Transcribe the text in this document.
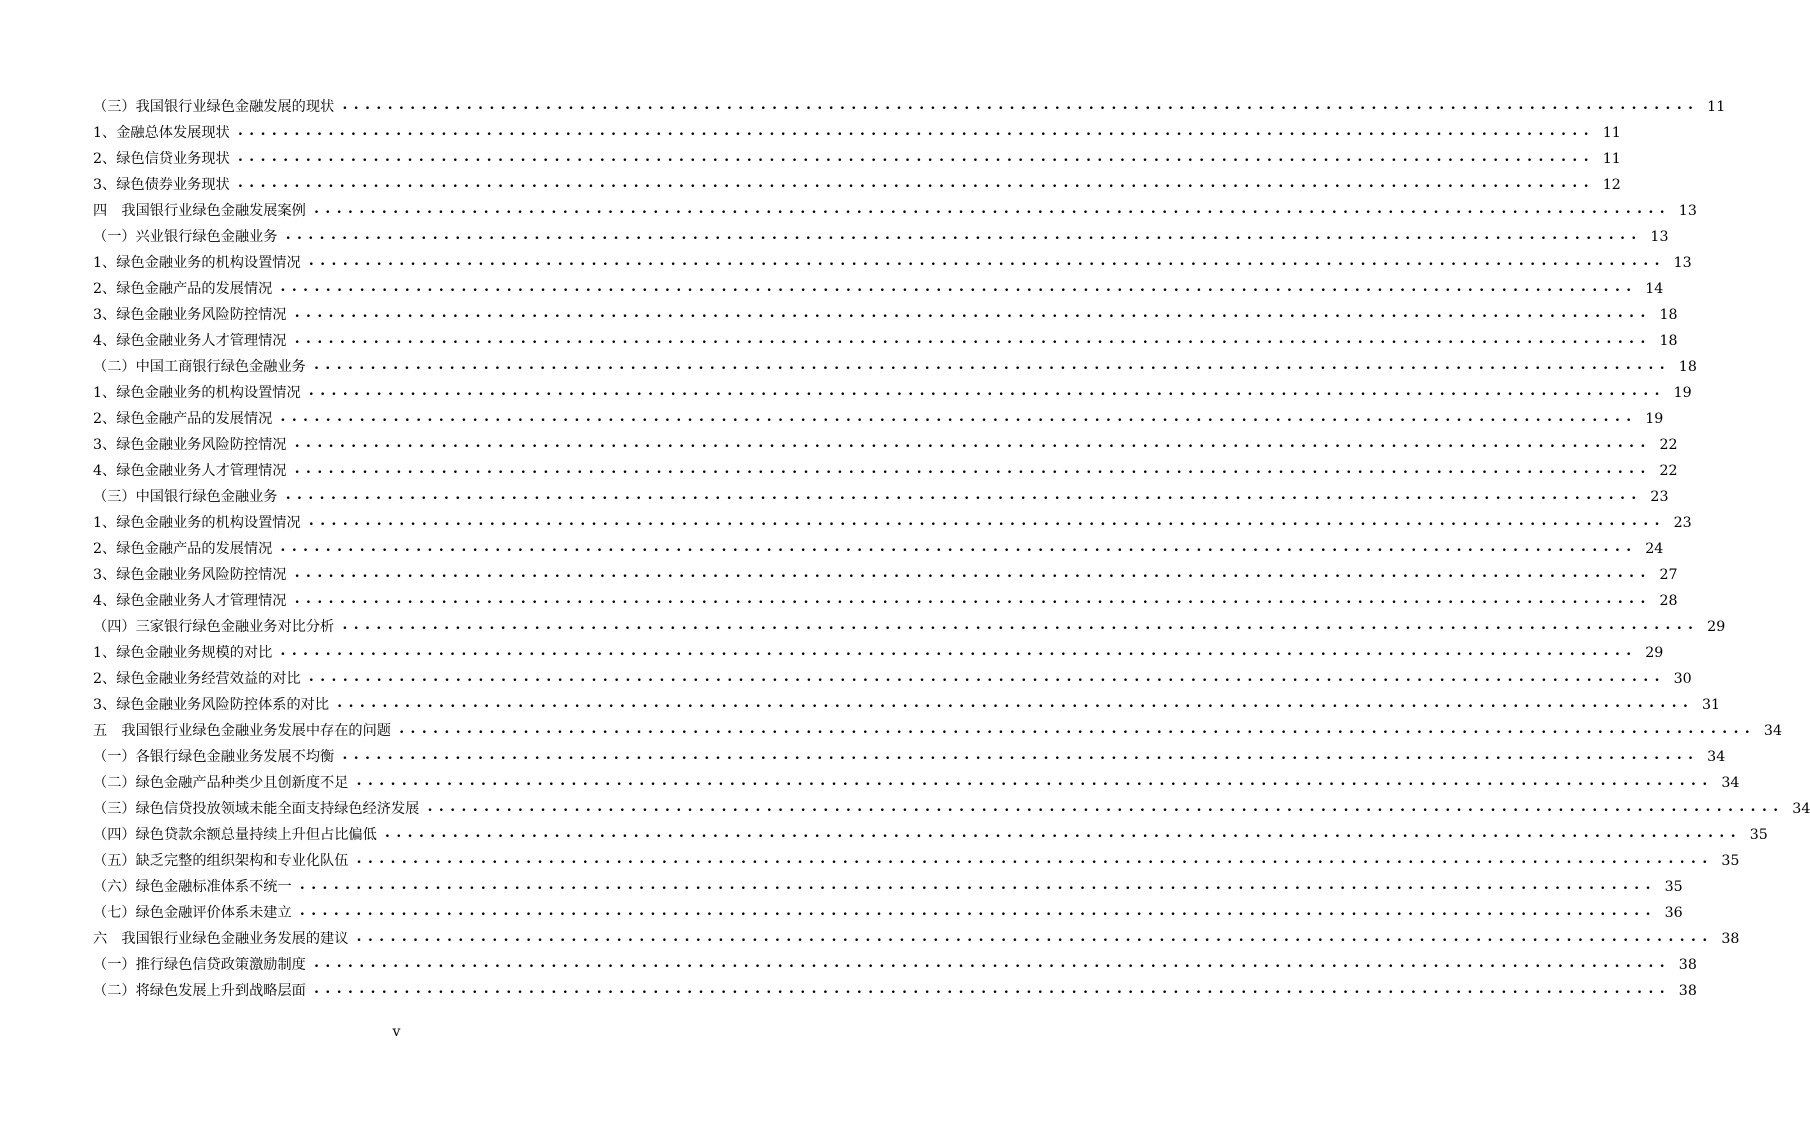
（三）我国银行业绿色金融发展的现状 •••••••••••••••••••••••••••••••••••••••••••••••••••••••••••••••••••••••••••••••••••••••••••••••••••••••••••••••••••••••• 11
1、金融总体发展现状 •••••••••••••••••••••••••••••••••••••••••••••••••••••••••••••••••••••••••••••••••••••••••••••••••••••••••••••••••••••••• 11
2、绿色信贷业务现状 •••••••••••••••••••••••••••••••••••••••••••••••••••••••••••••••••••••••••••••••••••••••••••••••••••••••••••••••••••••••• 11
3、绿色债券业务现状 •••••••••••••••••••••••••••••••••••••••••••••••••••••••••••••••••••••••••••••••••••••••••••••••••••••••••••••••••••••••• 12
四　我国银行业绿色金融发展案例 •••••••••••••••••••••••••••••••••••••••••••••••••••••••••••••••••••••••••••••••••••••••••••••••••••••••••••••••••••••••• 13
（一）兴业银行绿色金融业务 •••••••••••••••••••••••••••••••••••••••••••••••••••••••••••••••••••••••••••••••••••••••••••••••••••••••••••••••••••••••• 13
1、绿色金融业务的机构设置情况 •••••••••••••••••••••••••••••••••••••••••••••••••••••••••••••••••••••••••••••••••••••••••••••••••••••••••••••••••••••••• 13
2、绿色金融产品的发展情况 •••••••••••••••••••••••••••••••••••••••••••••••••••••••••••••••••••••••••••••••••••••••••••••••••••••••••••••••••••••••• 14
3、绿色金融业务风险防控情况 •••••••••••••••••••••••••••••••••••••••••••••••••••••••••••••••••••••••••••••••••••••••••••••••••••••••••••••••••••••••• 18
4、绿色金融业务人才管理情况 •••••••••••••••••••••••••••••••••••••••••••••••••••••••••••••••••••••••••••••••••••••••••••••••••••••••••••••••••••••••• 18
（二）中国工商银行绿色金融业务 •••••••••••••••••••••••••••••••••••••••••••••••••••••••••••••••••••••••••••••••••••••••••••••••••••••••••••••••••••••••• 18
1、绿色金融业务的机构设置情况 •••••••••••••••••••••••••••••••••••••••••••••••••••••••••••••••••••••••••••••••••••••••••••••••••••••••••••••••••••••••• 19
2、绿色金融产品的发展情况 •••••••••••••••••••••••••••••••••••••••••••••••••••••••••••••••••••••••••••••••••••••••••••••••••••••••••••••••••••••••• 19
3、绿色金融业务风险防控情况 •••••••••••••••••••••••••••••••••••••••••••••••••••••••••••••••••••••••••••••••••••••••••••••••••••••••••••••••••••••••• 22
4、绿色金融业务人才管理情况 •••••••••••••••••••••••••••••••••••••••••••••••••••••••••••••••••••••••••••••••••••••••••••••••••••••••••••••••••••••••• 22
（三）中国银行绿色金融业务 •••••••••••••••••••••••••••••••••••••••••••••••••••••••••••••••••••••••••••••••••••••••••••••••••••••••••••••••••••••••• 23
1、绿色金融业务的机构设置情况 •••••••••••••••••••••••••••••••••••••••••••••••••••••••••••••••••••••••••••••••••••••••••••••••••••••••••••••••••••••••• 23
2、绿色金融产品的发展情况 •••••••••••••••••••••••••••••••••••••••••••••••••••••••••••••••••••••••••••••••••••••••••••••••••••••••••••••••••••••••• 24
3、绿色金融业务风险防控情况 •••••••••••••••••••••••••••••••••••••••••••••••••••••••••••••••••••••••••••••••••••••••••••••••••••••••••••••••••••••••• 27
4、绿色金融业务人才管理情况 •••••••••••••••••••••••••••••••••••••••••••••••••••••••••••••••••••••••••••••••••••••••••••••••••••••••••••••••••••••••• 28
（四）三家银行绿色金融业务对比分析 •••••••••••••••••••••••••••••••••••••••••••••••••••••••••••••••••••••••••••••••••••••••••••••••••••••••••••••••••••••••• 29
1、绿色金融业务规模的对比 •••••••••••••••••••••••••••••••••••••••••••••••••••••••••••••••••••••••••••••••••••••••••••••••••••••••••••••••••••••••• 29
2、绿色金融业务经营效益的对比 •••••••••••••••••••••••••••••••••••••••••••••••••••••••••••••••••••••••••••••••••••••••••••••••••••••••••••••••••••••••• 30
3、绿色金融业务风险防控体系的对比 •••••••••••••••••••••••••••••••••••••••••••••••••••••••••••••••••••••••••••••••••••••••••••••••••••••••••••••••••••••••• 31
五　我国银行业绿色金融业务发展中存在的问题 •••••••••••••••••••••••••••••••••••••••••••••••••••••••••••••••••••••••••••••••••••••••••••••••••••••••••••••••••••••••• 34
（一）各银行绿色金融业务发展不均衡 •••••••••••••••••••••••••••••••••••••••••••••••••••••••••••••••••••••••••••••••••••••••••••••••••••••••••••••••••••••••• 34
（二）绿色金融产品种类少且创新度不足 •••••••••••••••••••••••••••••••••••••••••••••••••••••••••••••••••••••••••••••••••••••••••••••••••••••••••••••••••••••••• 34
（三）绿色信贷投放领域未能全面支持绿色经济发展 •••••••••••••••••••••••••••••••••••••••••••••••••••••••••••••••••••••••••••••••••••••••••••••••••••••••••••••••••••••••• 34
（四）绿色贷款余额总量持续上升但占比偏低 •••••••••••••••••••••••••••••••••••••••••••••••••••••••••••••••••••••••••••••••••••••••••••••••••••••••••••••••••••••••• 35
（五）缺乏完整的组织架构和专业化队伍 •••••••••••••••••••••••••••••••••••••••••••••••••••••••••••••••••••••••••••••••••••••••••••••••••••••••••••••••••••••••• 35
（六）绿色金融标准体系不统一 •••••••••••••••••••••••••••••••••••••••••••••••••••••••••••••••••••••••••••••••••••••••••••••••••••••••••••••••••••••••• 35
（七）绿色金融评价体系未建立 •••••••••••••••••••••••••••••••••••••••••••••••••••••••••••••••••••••••••••••••••••••••••••••••••••••••••••••••••••••••• 36
六　我国银行业绿色金融业务发展的建议 •••••••••••••••••••••••••••••••••••••••••••••••••••••••••••••••••••••••••••••••••••••••••••••••••••••••••••••••••••••••• 38
（一）推行绿色信贷政策激励制度 •••••••••••••••••••••••••••••••••••••••••••••••••••••••••••••••••••••••••••••••••••••••••••••••••••••••••••••••••••••••• 38
（二）将绿色发展上升到战略层面 •••••••••••••••••••••••••••••••••••••••••••••••••••••••••••••••••••••••••••••••••••••••••••••••••••••••••••••••••••••••• 38
v
